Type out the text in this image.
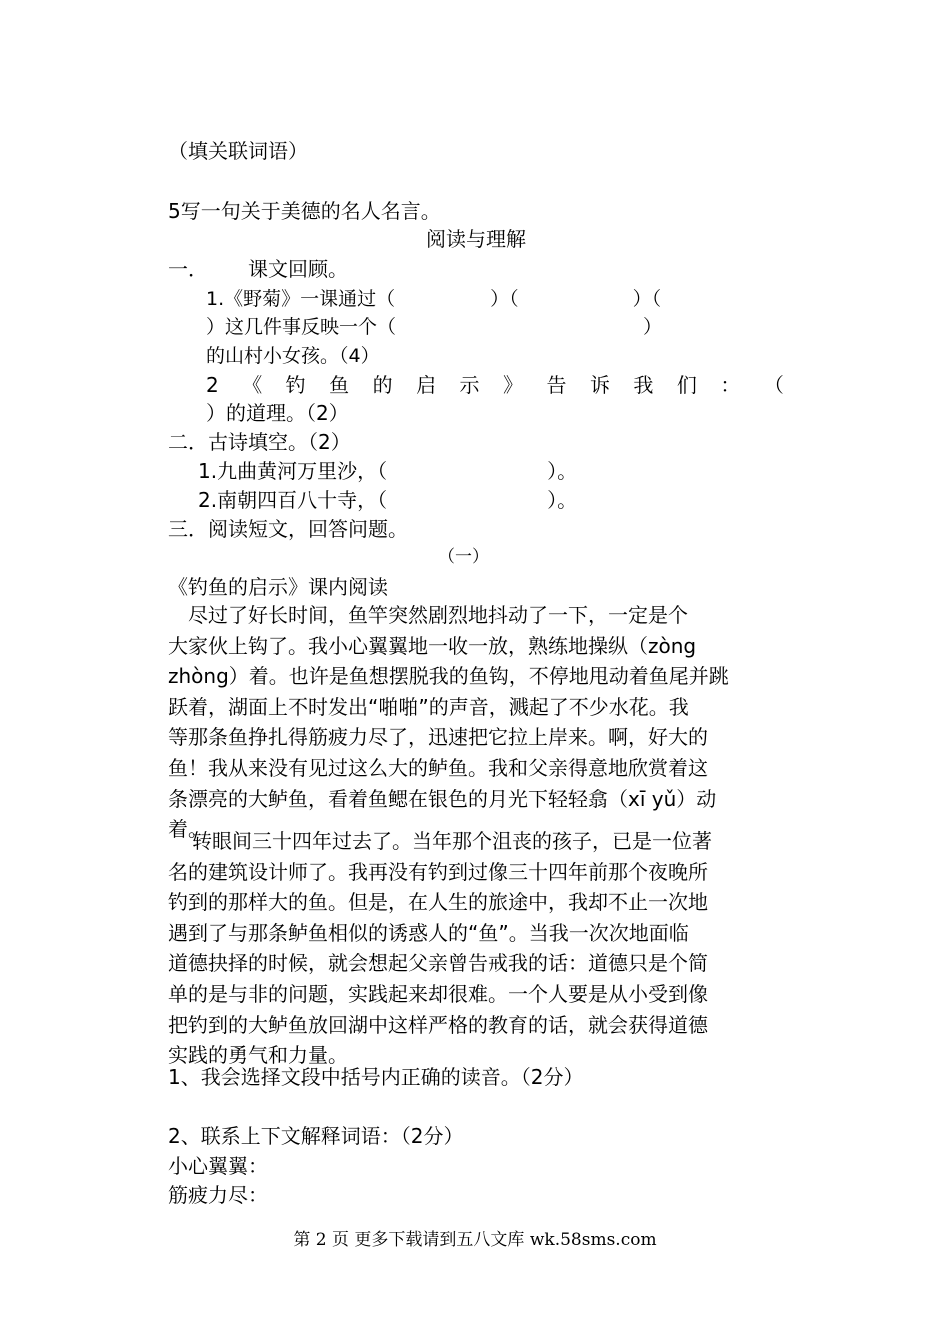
（填关联词语）
5写一句关于美德的名人名言。
阅读与理解
一． 课文回顾。
1.《野菊》一课通过（　　　　　）（　　　　　　）（
）这几件事反映一个（　　　　　　　　　　　　　）
的山村小女孩。（4）
2 《 钓 鱼 的 启 示 》 告 诉 我 们 ： （
）的道理。（2）
二．古诗填空。（2）
1.九曲黄河万里沙，（　　　　　　　　）。
2.南朝四百八十寺，（　　　　　　　　）。
三．阅读短文，回答问题。
（一）
《钓鱼的启示》课内阅读
　尽过了好长时间，鱼竿突然剧烈地抖动了一下，一定是个
大家伙上钩了。我小心翼翼地一收一放，熟练地操纵（zòng
zhòng）着。也许是鱼想摆脱我的鱼钩，不停地甩动着鱼尾并跳
跃着，湖面上不时发出“啪啪”的声音，溅起了不少水花。我
等那条鱼挣扎得筋疲力尽了，迅速把它拉上岸来。啊，好大的
鱼！我从来没有见过这么大的鲈鱼。我和父亲得意地欣赏着这
条漂亮的大鲈鱼，看着鱼鳃在银色的月光下轻轻翕（xī yǔ）动
着。
转眼间三十四年过去了。当年那个沮丧的孩子，已是一位著
名的建筑设计师了。我再没有钓到过像三十四年前那个夜晚所
钓到的那样大的鱼。但是，在人生的旅途中，我却不止一次地
遇到了与那条鲈鱼相似的诱惑人的“鱼”。当我一次次地面临
道德抉择的时候，就会想起父亲曾告戒我的话：道德只是个简
单的是与非的问题，实践起来却很难。一个人要是从小受到像
把钓到的大鲈鱼放回湖中这样严格的教育的话，就会获得道德
实践的勇气和力量。
1、我会选择文段中括号内正确的读音。（2分）
2、联系上下文解释词语：（2分）
小心翼翼：
筋疲力尽：
第 2 页 更多下载请到五八文库 wk.58sms.com
